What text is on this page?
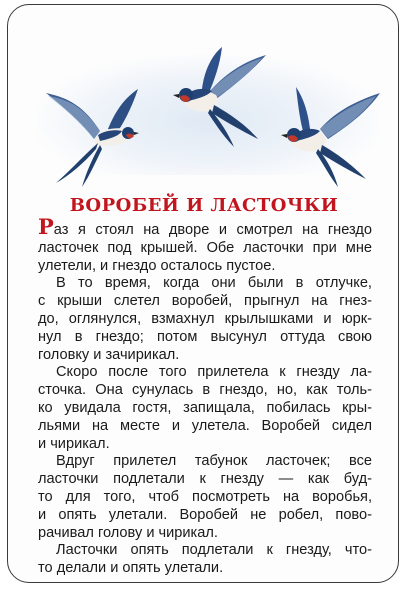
ВОРОБЕЙ И ЛАСТОЧКИ
Раз я стоял на дворе и смотрел на гнездо
ласточек под крышей. Обе ласточки при мне
улетели, и гнездо осталось пустое.
В то время, когда они были в отлучке,
с крыши слетел воробей, прыгнул на гнез-
до, оглянулся, взмахнул крылышками и юрк-
нул в гнездо; потом высунул оттуда свою
головку и зачирикал.
Скоро после того прилетела к гнезду ла-
сточка. Она сунулась в гнездо, но, как толь-
ко увидала гостя, запищала, побилась кры-
льями на месте и улетела. Воробей сидел
и чирикал.
Вдруг прилетел табунок ласточек; все
ласточки подлетали к гнезду — как буд-
то для того, чтоб посмотреть на воробья,
и опять улетали. Воробей не робел, пово-
рачивал голову и чирикал.
Ласточки опять подлетали к гнезду, что-
то делали и опять улетали.
